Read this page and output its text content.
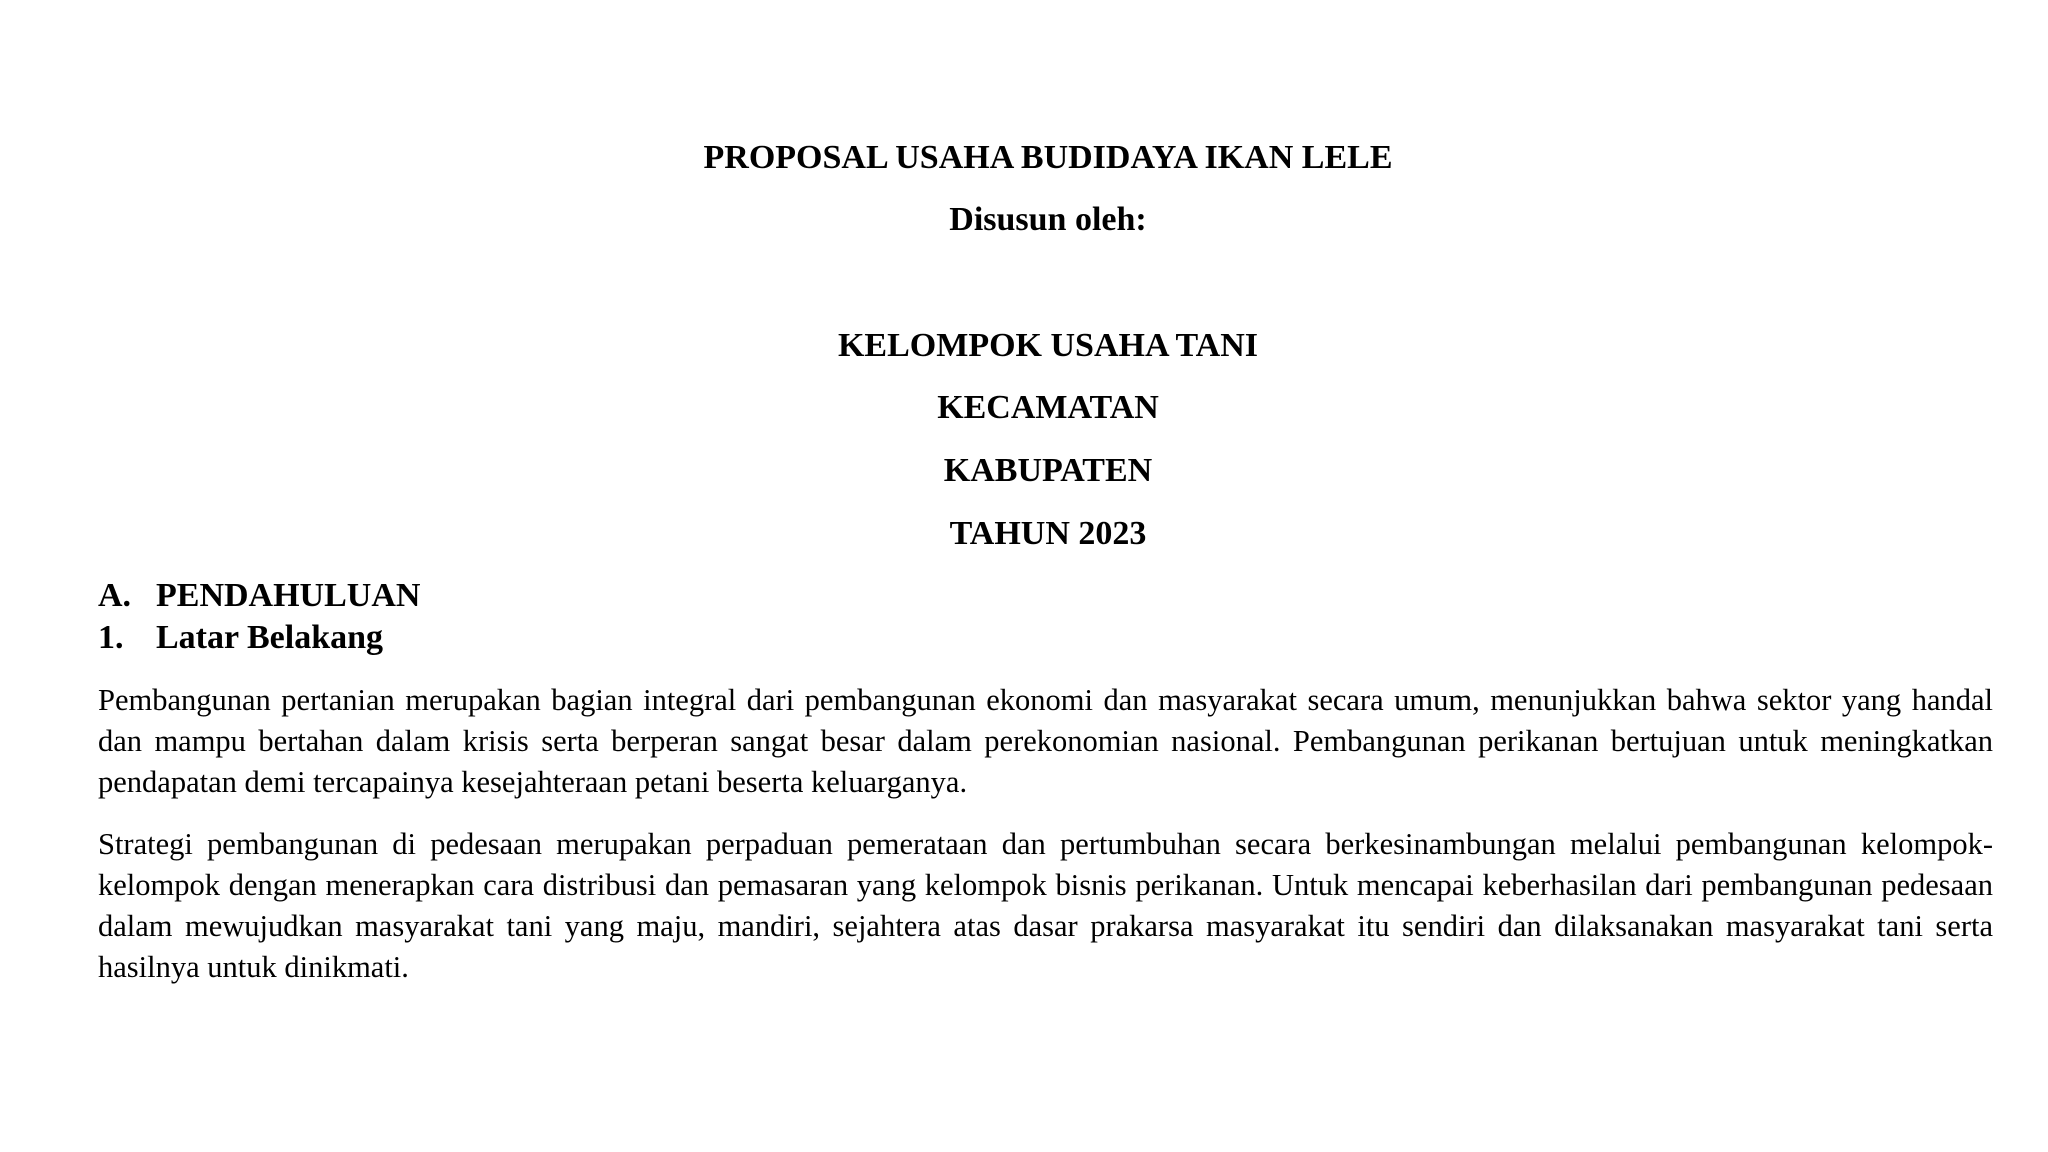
PROPOSAL USAHA BUDIDAYA IKAN LELE
Disusun oleh:
KELOMPOK USAHA TANI
KECAMATAN
KABUPATEN
TAHUN 2023
A. PENDAHULUAN
1. Latar Belakang

Pembangunan pertanian merupakan bagian integral dari pembangunan ekonomi dan masyarakat secara umum, menunjukkan bahwa sektor yang handal dan mampu bertahan dalam krisis serta berperan sangat besar dalam perekonomian nasional. Pembangunan perikanan bertujuan untuk meningkatkan pendapatan demi tercapainya kesejahteraan petani beserta keluarganya.

Strategi pembangunan di pedesaan merupakan perpaduan pemerataan dan pertumbuhan secara berkesinambungan melalui pembangunan kelompok-kelompok dengan menerapkan cara distribusi dan pemasaran yang kelompok bisnis perikanan. Untuk mencapai keberhasilan dari pembangunan pedesaan dalam mewujudkan masyarakat tani yang maju, mandiri, sejahtera atas dasar prakarsa masyarakat itu sendiri dan dilaksanakan masyarakat tani serta hasilnya untuk dinikmati.
